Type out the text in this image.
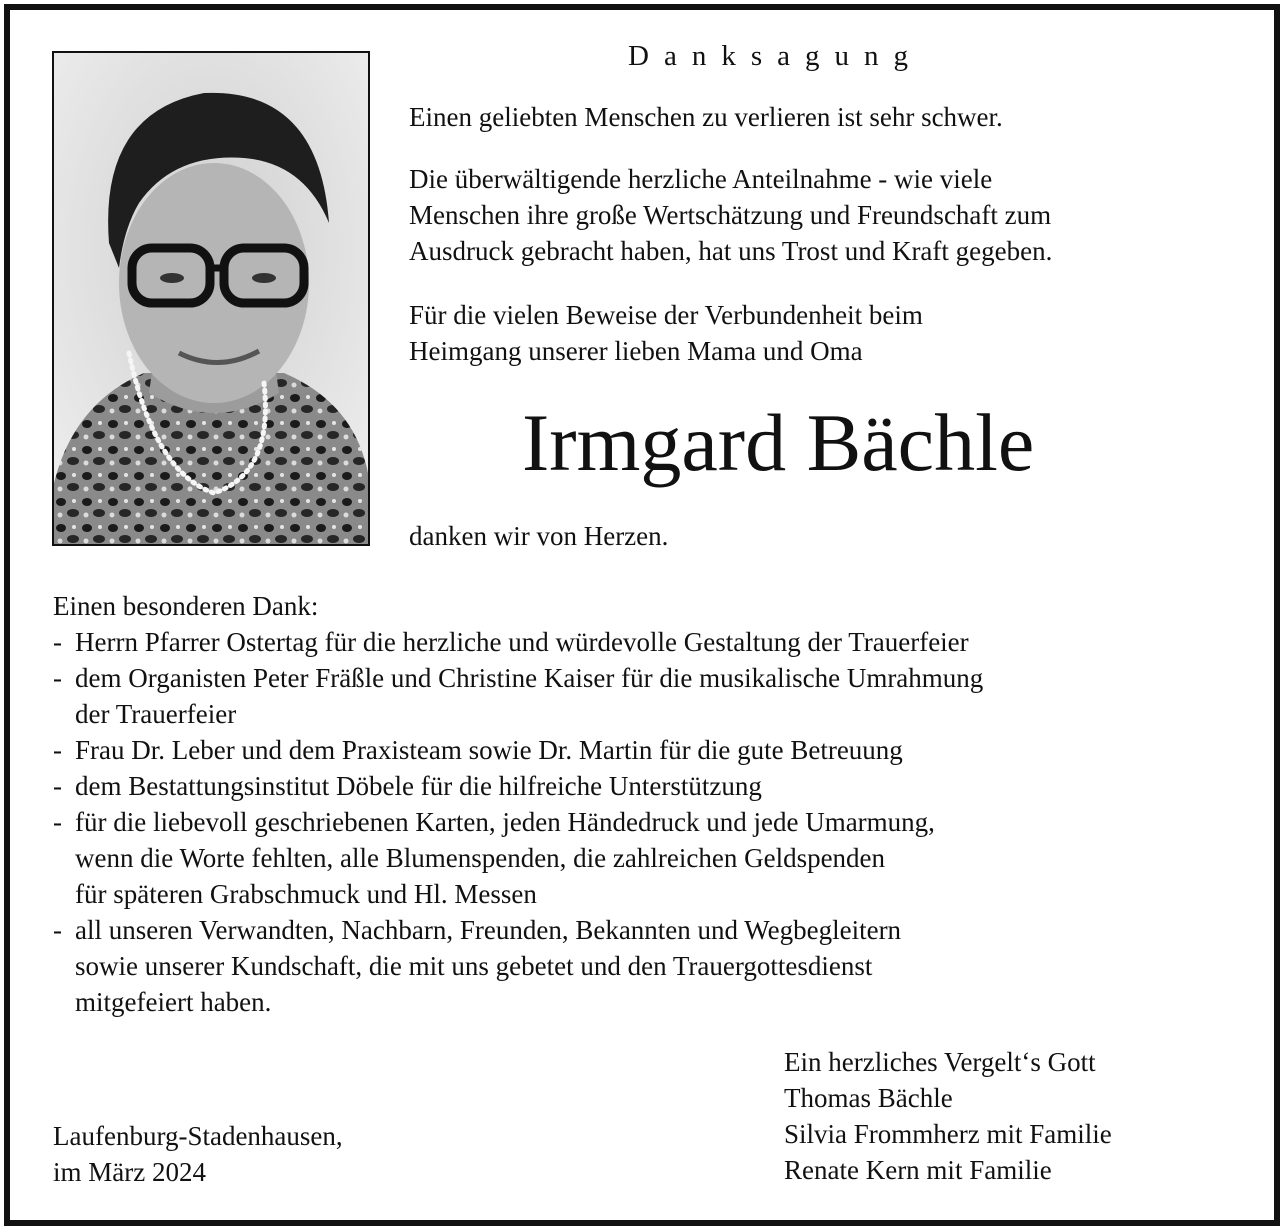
Danksagung
Einen geliebten Menschen zu verlieren ist sehr schwer.
Die überwältigende herzliche Anteilnahme - wie viele
Menschen ihre große Wertschätzung und Freundschaft zum
Ausdruck gebracht haben, hat uns Trost und Kraft gegeben.
Für die vielen Beweise der Verbundenheit beim
Heimgang unserer lieben Mama und Oma
Irmgard Bächle
danken wir von Herzen.
Einen besonderen Dank:
- Herrn Pfarrer Ostertag für die herzliche und würdevolle Gestaltung der Trauerfeier
- dem Organisten Peter Fräßle und Christine Kaiser für die musikalische Umrahmung
der Trauerfeier
- Frau Dr. Leber und dem Praxisteam sowie Dr. Martin für die gute Betreuung
- dem Bestattungsinstitut Döbele für die hilfreiche Unterstützung
- für die liebevoll geschriebenen Karten, jeden Händedruck und jede Umarmung,
wenn die Worte fehlten, alle Blumenspenden, die zahlreichen Geldspenden
für späteren Grabschmuck und Hl. Messen
- all unseren Verwandten, Nachbarn, Freunden, Bekannten und Wegbegleitern
sowie unserer Kundschaft, die mit uns gebetet und den Trauergottesdienst
mitgefeiert haben.
Laufenburg-Stadenhausen,
im März 2024
Ein herzliches Vergelt‘s Gott
Thomas Bächle
Silvia Frommherz mit Familie
Renate Kern mit Familie
